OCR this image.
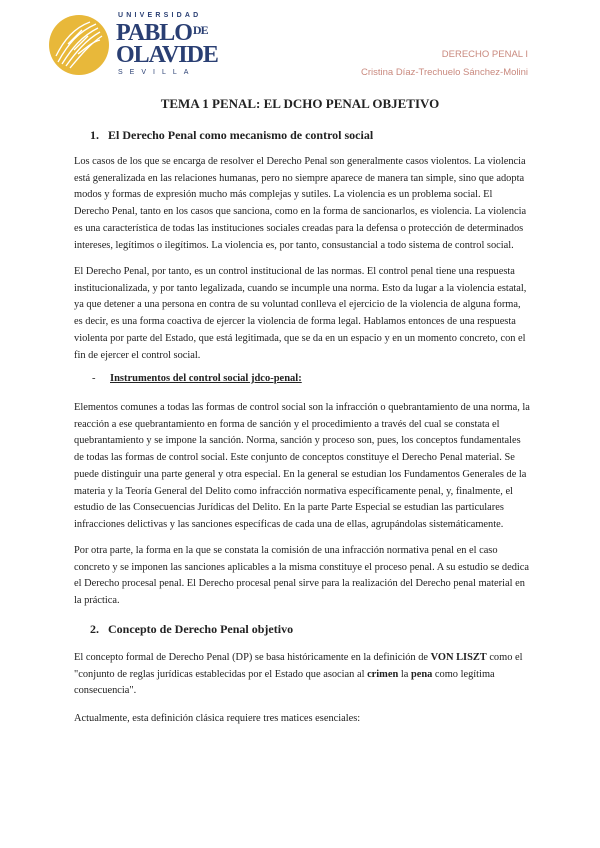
UNIVERSIDAD
$PABLO^{DE}$
OLAVIDE
SEVILLA
DERECHO PENAL I
Cristina Díaz-Trechuelo Sánchez-Molini
TEMA 1 PENAL: EL DCHO PENAL OBJETIVO
1. El Derecho Penal como mecanismo de control social

Los casos de los que se encarga de resolver el Derecho Penal son generalmente casos violentos. La violencia está generalizada en las relaciones humanas, pero no siempre aparece de manera tan simple, sino que adopta modos y formas de expresión mucho más complejas y sutiles. La violencia es un problema social. El Derecho Penal, tanto en los casos que sanciona, como en la forma de sancionarlos, es violencia. La violencia es una característica de todas las instituciones sociales creadas para la defensa o protección de determinados intereses, legítimos o ilegítimos. La violencia es, por tanto, consustancial a todo sistema de control social.

El Derecho Penal, por tanto, es un control institucional de las normas. El control penal tiene una respuesta institucionalizada, y por tanto legalizada, cuando se incumple una norma. Esto da lugar a la violencia estatal, ya que detener a una persona en contra de su voluntad conlleva el ejercicio de la violencia de alguna forma, es decir, es una forma coactiva de ejercer la violencia de forma legal. Hablamos entonces de una respuesta violenta por parte del Estado, que está legitimada, que se da en un espacio y en un momento concreto, con el fin de ejercer el control social.

- Instrumentos del control social jdco-penal:

Elementos comunes a todas las formas de control social son la infracción o quebrantamiento de una norma, la reacción a ese quebrantamiento en forma de sanción y el procedimiento a través del cual se constata el quebrantamiento y se impone la sanción. Norma, sanción y proceso son, pues, los conceptos fundamentales de todas las formas de control social. Este conjunto de conceptos constituye el Derecho Penal material. Se puede distinguir una parte general y otra especial. En la general se estudian los Fundamentos Generales de la materia y la Teoría General del Delito como infracción normativa específicamente penal, y, finalmente, el estudio de las Consecuencias Jurídicas del Delito. En la parte Parte Especial se estudian las particulares infracciones delictivas y las sanciones específicas de cada una de ellas, agrupándolas sistemáticamente.

Por otra parte, la forma en la que se constata la comisión de una infracción normativa penal en el caso concreto y se imponen las sanciones aplicables a la misma constituye el proceso penal. A su estudio se dedica el Derecho procesal penal. El Derecho procesal penal sirve para la realización del Derecho penal material en la práctica.

2. Concepto de Derecho Penal objetivo

El concepto formal de Derecho Penal (DP) se basa históricamente en la definición de VON LISZT como el "conjunto de reglas jurídicas establecidas por el Estado que asocian al crimen la pena como legítima consecuencia".

Actualmente, esta definición clásica requiere tres matices esenciales:
